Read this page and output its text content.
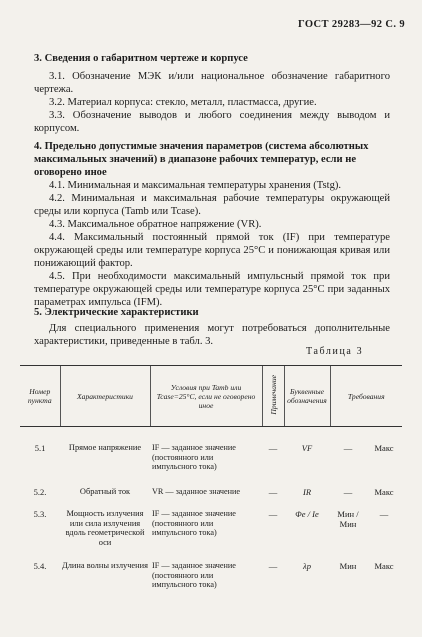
ГОСТ 29283—92 С. 9
3. Сведения о габаритном чертеже и корпусе
3.1. Обозначение МЭК и/или национальное обозначение габаритного чертежа.
3.2. Материал корпуса: стекло, металл, пластмасса, другие.
3.3. Обозначение выводов и любого соединения между выводом и корпусом.
4. Предельно допустимые значения параметров (система абсолютных максимальных значений) в диапазоне рабочих температур, если не оговорено иное
4.1. Минимальная и максимальная температуры хранения (Tstg).
4.2. Минимальная и максимальная рабочие температуры окружающей среды или корпуса (Tamb или Tcase).
4.3. Максимальное обратное напряжение (VR).
4.4. Максимальный постоянный прямой ток (IF) при температуре окружающей среды или температуре корпуса 25°С и понижающая кривая или понижающий фактор.
4.5. При необходимости максимальный импульсный прямой ток при температуре окружающей среды или температуре корпуса 25°С при заданных параметрах импульса (IFM).
5. Электрические характеристики
Для специального применения могут потребоваться дополнительные характеристики, приведенные в табл. 3.
Таблица 3
Номер пункта	Характеристики	Условия при Tamb или Tcase=25°С, если не оговорено иное	Примечание	Буквенные обозначения	Требования	

5.1	Прямое напряжение	IF — заданное значение (постоянного или импульсного тока)	—	VF	—	Макс
5.2.	Обратный ток	VR — заданное значение	—	IR	—	Макс
5.3.	Мощность излучения или сила излучения вдоль геометрической оси	IF — заданное значение (постоянного или импульсного тока)	—	Φe / Ie	Мин / Мин	—
5.4.	Длина волны излучения	IF — заданное значение (постоянного или импульсного тока)	—	λp	Мин	Макс
